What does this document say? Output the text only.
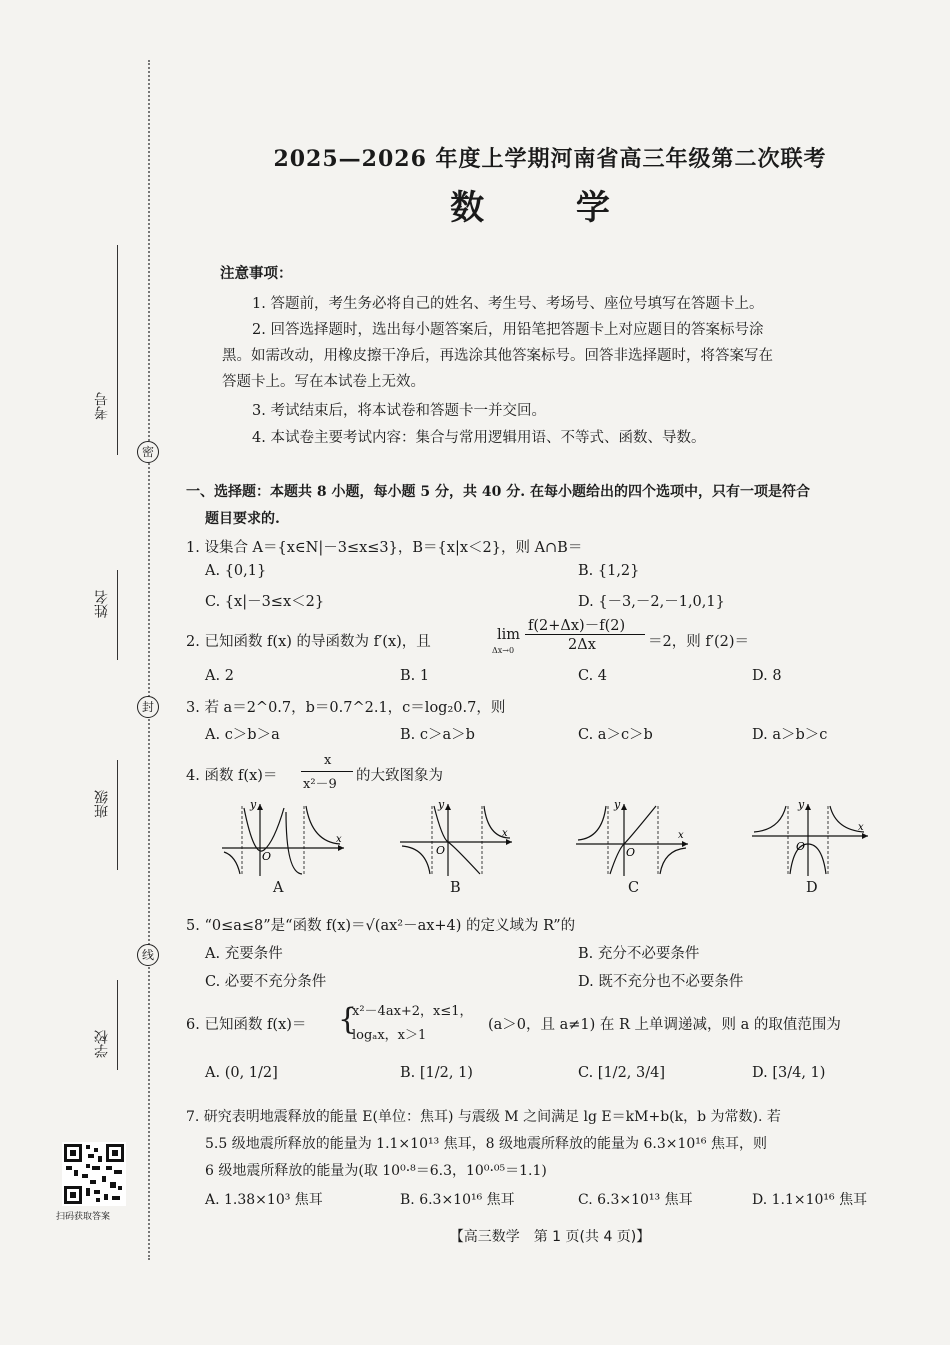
考号
姓名
班级
学校
密
封
线
扫码获取答案
2025—2026 年度上学期河南省高三年级第二次联考
数 学
注意事项：
1. 答题前，考生务必将自己的姓名、考生号、考场号、座位号填写在答题卡上。
2. 回答选择题时，选出每小题答案后，用铅笔把答题卡上对应题目的答案标号涂
黑。如需改动，用橡皮擦干净后，再选涂其他答案标号。回答非选择题时，将答案写在
答题卡上。写在本试卷上无效。
3. 考试结束后，将本试卷和答题卡一并交回。
4. 本试卷主要考试内容：集合与常用逻辑用语、不等式、函数、导数。
一、选择题：本题共 8 小题，每小题 5 分，共 40 分. 在每小题给出的四个选项中，只有一项是符合
题目要求的.
1. 设集合 A＝{x∈N|－3≤x≤3}，B＝{x|x＜2}，则 A∩B＝
A. {0,1}	B. {1,2}
C. {x|－3≤x＜2}	D. {－3,－2,－1,0,1}
2. 已知函数 f(x) 的导函数为 f′(x)，且	lim
Δx→0
f(2+Δx)－f(2)
2Δx	＝2，则 f′(2)＝
A. 2	B. 1	C. 4	D. 8
3. 若 a＝2^0.7，b＝0.7^2.1，c＝log₂0.7，则
A. c＞b＞a	B. c＞a＞b	C. a＞c＞b	D. a＞b＞c
4. 函数 f(x)＝
x
x²－9
的大致图象为
y
O
x
A
y
O
x
B
y
O
x
C
y
O
x
D
5. “0≤a≤8”是“函数 f(x)＝√(ax²－ax+4) 的定义域为 R”的
A. 充要条件	B. 充分不必要条件
C. 必要不充分条件	D. 既不充分也不必要条件
6. 已知函数 f(x)＝ {
x²－4ax+2，x≤1，
logₐx，x＞1
(a＞0，且 a≠1) 在 R 上单调递减，则 a 的取值范围为
A. (0, 1/2]	B. [1/2, 1)	C. [1/2, 3/4]	D. [3/4, 1)
7. 研究表明地震释放的能量 E(单位：焦耳) 与震级 M 之间满足 lg E＝kM+b(k，b 为常数). 若
5.5 级地震所释放的能量为 1.1×10¹³ 焦耳，8 级地震所释放的能量为 6.3×10¹⁶ 焦耳，则
6 级地震所释放的能量为(取 10⁰·⁸＝6.3，10⁰·⁰⁵＝1.1)
A. 1.38×10³ 焦耳	B. 6.3×10¹⁶ 焦耳	C. 6.3×10¹³ 焦耳	D. 1.1×10¹⁶ 焦耳
【高三数学　第 1 页(共 4 页)】
